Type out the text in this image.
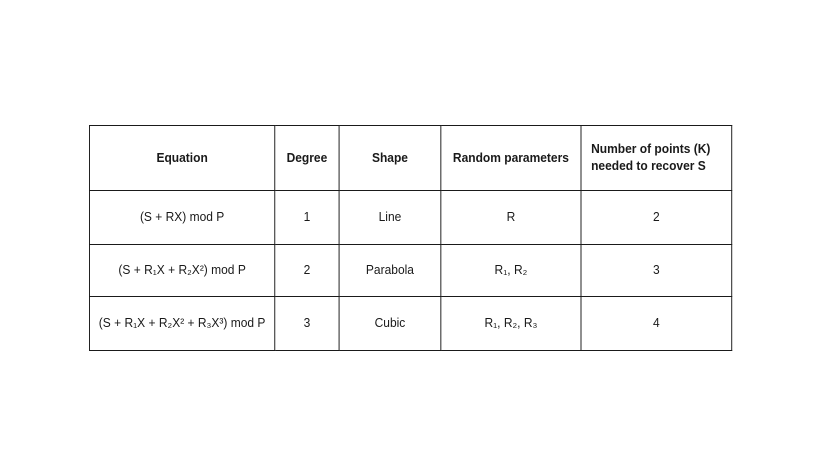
Equation	Degree	Shape	Random parameters	Number of points (K)
needed to recover S

(S + RX) mod P	1	Line	R	2
(S + R₁X + R₂X²) mod P	2	Parabola	R₁, R₂	3
(S + R₁X + R₂X² + R₃X³) mod P	3	Cubic	R₁, R₂, R₃	4
